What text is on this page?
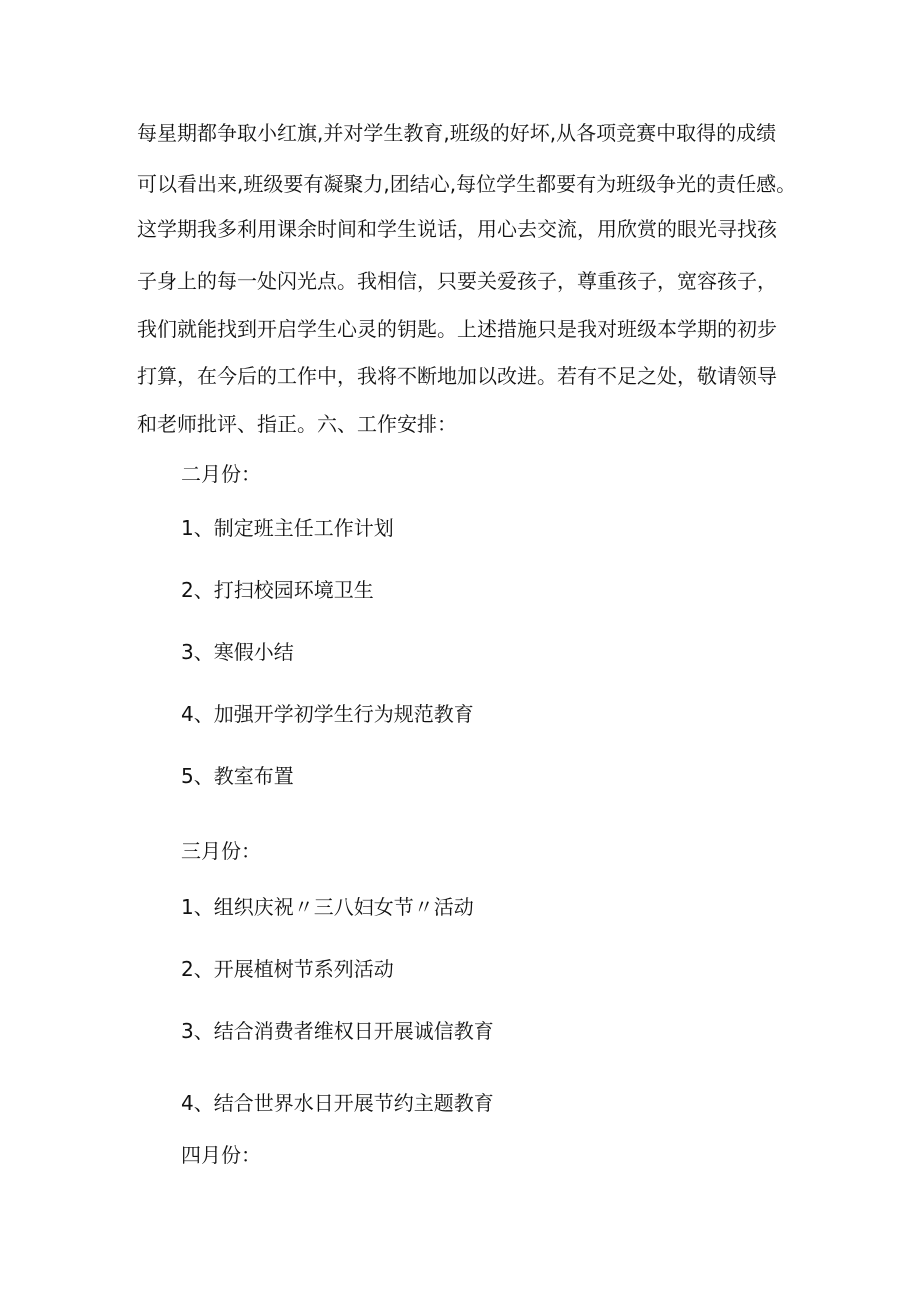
每星期都争取小红旗,并对学生教育,班级的好坏,从各项竞赛中取得的成绩
可以看出来,班级要有凝聚力,团结心,每位学生都要有为班级争光的责任感。
这学期我多利用课余时间和学生说话，用心去交流，用欣赏的眼光寻找孩
子身上的每一处闪光点。我相信，只要关爱孩子，尊重孩子，宽容孩子，
我们就能找到开启学生心灵的钥匙。上述措施只是我对班级本学期的初步
打算，在今后的工作中，我将不断地加以改进。若有不足之处，敬请领导
和老师批评、指正。六、工作安排：
二月份：
1、制定班主任工作计划
2、打扫校园环境卫生
3、寒假小结
4、加强开学初学生行为规范教育
5、教室布置
三月份：
1、组织庆祝〃三八妇女节〃活动
2、开展植树节系列活动
3、结合消费者维权日开展诚信教育
4、结合世界水日开展节约主题教育
四月份：
